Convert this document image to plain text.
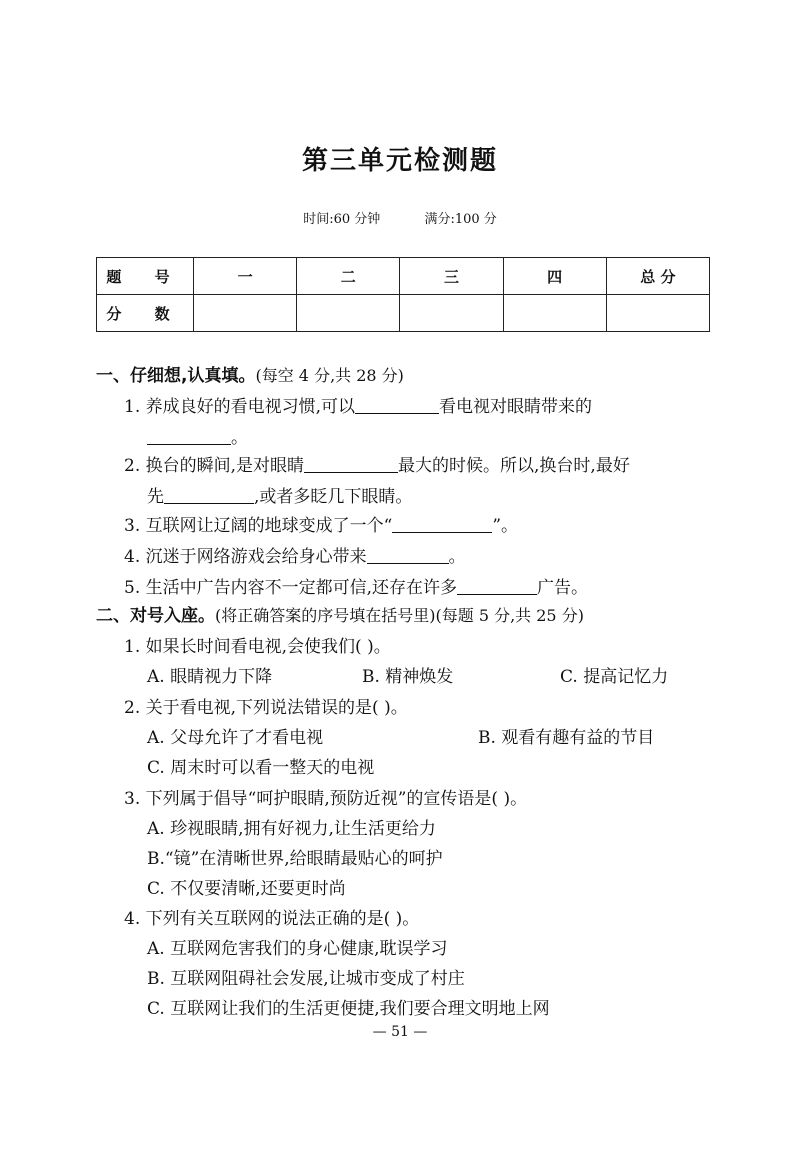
第三单元检测题
时间:60 分钟	满分:100 分
题 号	一	二	三	四	总 分
分 数					
一、仔细想,认真填。(每空 4 分,共 28 分)
1. 养成良好的看电视习惯,可以	看电视对眼睛带来的
。
2. 换台的瞬间,是对眼睛	最大的时候。所以,换台时,最好
先	,或者多眨几下眼睛。
3. 互联网让辽阔的地球变成了一个“	”。
4. 沉迷于网络游戏会给身心带来	。
5. 生活中广告内容不一定都可信,还存在许多	广告。
二、对号入座。(将正确答案的序号填在括号里)(每题 5 分,共 25 分)
1. 如果长时间看电视,会使我们( )。
A. 眼睛视力下降	B. 精神焕发	C. 提高记忆力
2. 关于看电视,下列说法错误的是( )。
A. 父母允许了才看电视	B. 观看有趣有益的节目
C. 周末时可以看一整天的电视
3. 下列属于倡导“呵护眼睛,预防近视”的宣传语是( )。
A. 珍视眼睛,拥有好视力,让生活更给力
B.“镜”在清晰世界,给眼睛最贴心的呵护
C. 不仅要清晰,还要更时尚
4. 下列有关互联网的说法正确的是( )。
A. 互联网危害我们的身心健康,耽误学习
B. 互联网阻碍社会发展,让城市变成了村庄
C. 互联网让我们的生活更便捷,我们要合理文明地上网
— 51 —
